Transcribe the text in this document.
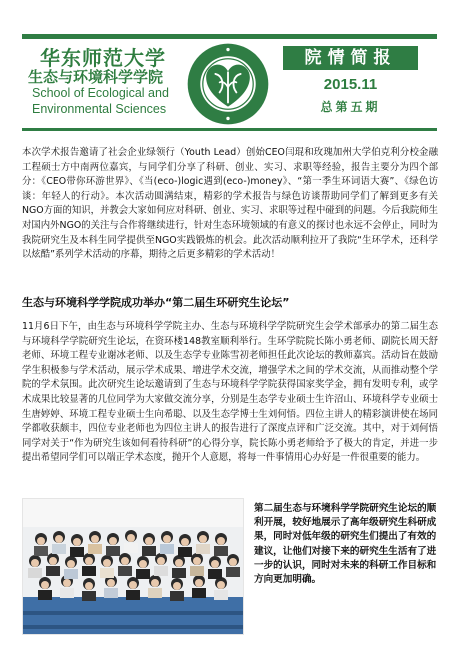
华东师范大学
生态与环境科学学院
School of Ecological and
Environmental Sciences
院情简报
2015.11
总第五期

本次学术报告邀请了社会企业绿领行（Youth Lead）创始CEO闫琨和玫瑰加州大学伯克利分校金融工程硕士方中南两位嘉宾，与同学们分享了科研、创业、实习、求职等经验，报告主要分为四个部分：《CEO带你环游世界》、《当(eco-)logic遇到(eco-)money》、“第一季生环词语大赛”、《绿色访谈：年轻人的行动》。本次活动圆满结束，精彩的学术报告与绿色访谈帮助同学们了解到更多有关NGO方面的知识，并教会大家如何应对科研、创业、实习、求职等过程中碰到的问题。今后我院师生对国内外NGO的关注与合作将继续进行，针对生态环境领域的有意义的探讨也永远不会停止，同时为我院研究生及本科生同学提供至NGO实践锻炼的机会。此次活动顺利拉开了我院“生环学术，还科学以炫酷”系列学术活动的序幕，期待之后更多精彩的学术活动！

生态与环境科学学院成功举办“第二届生环研究生论坛”

11月6日下午，由生态与环境科学学院主办、生态与环境科学学院研究生会学术部承办的第二届生态与环境科学学院研究生论坛，在资环楼148教室顺利举行。生环学院院长陈小勇老师、副院长周天舒老师、环境工程专业谢冰老师、以及生态学专业陈雪初老师担任此次论坛的教师嘉宾。活动旨在鼓励学生积极参与学术活动，展示学术成果、增进学术交流，增强学术之间的学术交流，从而推动整个学院的学术氛围。此次研究生论坛邀请到了生态与环境科学学院获得国家奖学金，拥有发明专利，或学术成果比较显著的几位同学为大家做交流分享，分别是生态学专业硕士生许沼山、环境科学专业硕士生唐婷婷、环境工程专业硕士生向希聪、以及生态学博士生刘何悟。四位主讲人的精彩演讲使在场同学都收获颇丰，四位专业老师也为四位主讲人的报告进行了深度点评和广泛交流。其中，对于刘何悟同学对关于“作为研究生该如何看待科研”的心得分享，院长陈小勇老师给予了极大的肯定，并进一步提出希望同学们可以端正学术态度，抛开个人意愿，将每一件事情用心办好是一件很重要的能力。

第二届生态与环境科学学院研究生论坛的顺利开展，较好地展示了高年级研究生科研成果，同时对低年级的研究生们提出了有效的建议，让他们对接下来的研究生生活有了进一步的认识，同时对未来的科研工作目标和方向更加明确。
